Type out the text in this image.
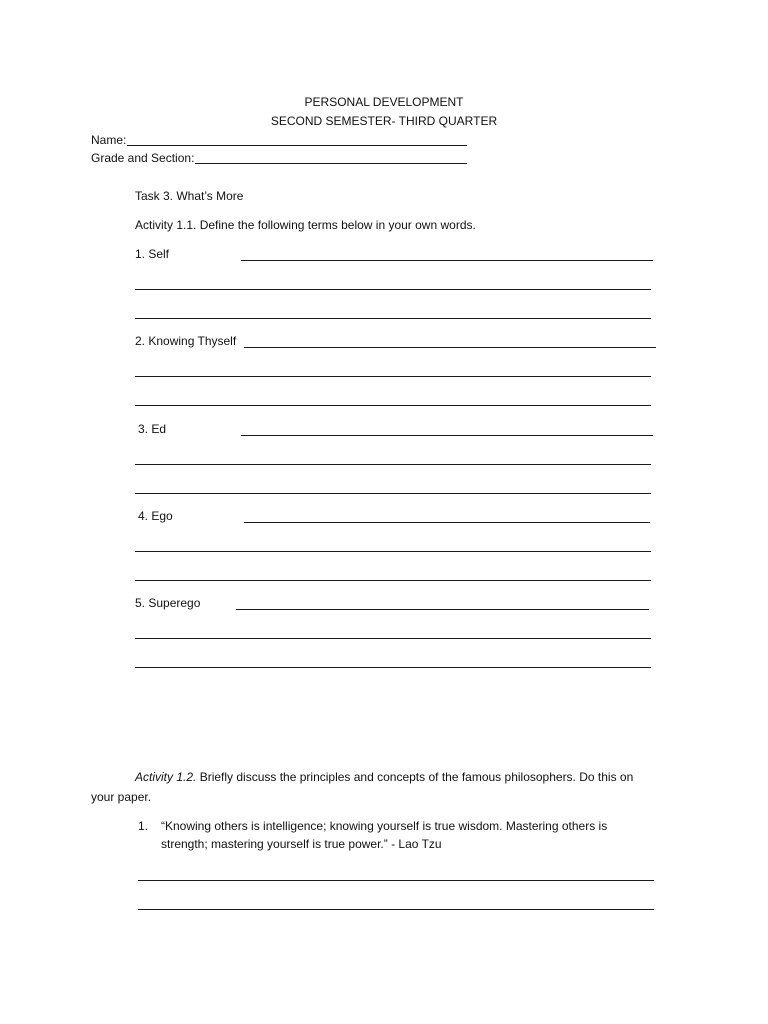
PERSONAL DEVELOPMENT
SECOND SEMESTER- THIRD QUARTER
Name:
Grade and Section:
Task 3. What’s More
Activity 1.1. Define the following terms below in your own words.
1. Self
2. Knowing Thyself
3. Ed
4. Ego
5. Superego
Activity 1.2. Briefly discuss the principles and concepts of the famous philosophers. Do this on
your paper.
1. “Knowing others is intelligence; knowing yourself is true wisdom. Mastering others is
strength; mastering yourself is true power.” - Lao Tzu
